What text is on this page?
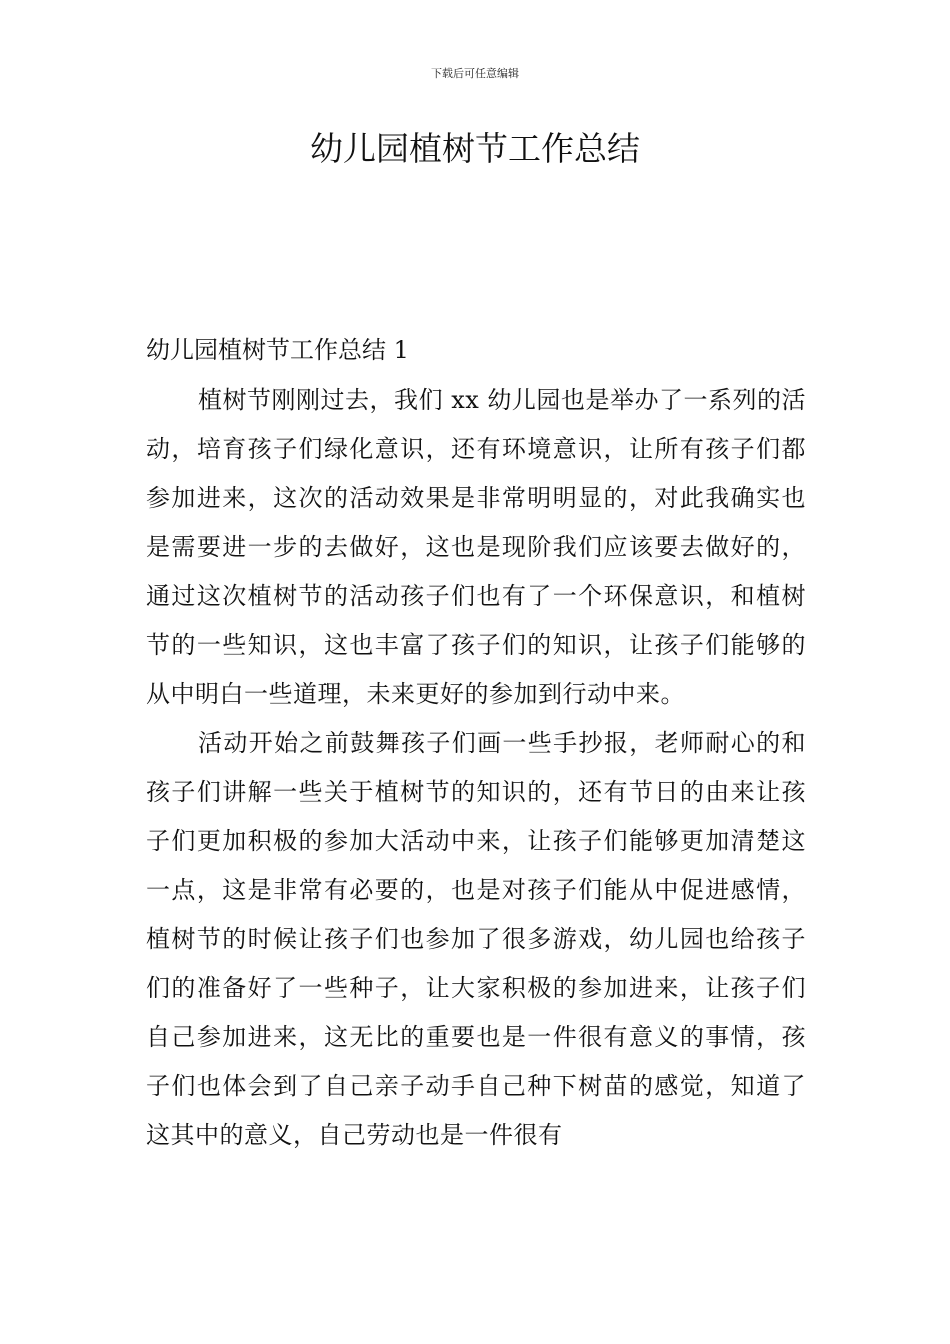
下载后可任意编辑
幼儿园植树节工作总结
幼儿园植树节工作总结 1

植树节刚刚过去，我们 xx 幼儿园也是举办了一系列的活动，培育孩子们绿化意识，还有环境意识，让所有孩子们都参加进来，这次的活动效果是非常明明显的，对此我确实也是需要进一步的去做好，这也是现阶我们应该要去做好的，通过这次植树节的活动孩子们也有了一个环保意识，和植树节的一些知识，这也丰富了孩子们的知识，让孩子们能够的从中明白一些道理，未来更好的参加到行动中来。

活动开始之前鼓舞孩子们画一些手抄报，老师耐心的和孩子们讲解一些关于植树节的知识的，还有节日的由来让孩子们更加积极的参加大活动中来，让孩子们能够更加清楚这一点，这是非常有必要的，也是对孩子们能从中促进感情，植树节的时候让孩子们也参加了很多游戏，幼儿园也给孩子们的准备好了一些种子，让大家积极的参加进来，让孩子们自己参加进来，这无比的重要也是一件很有意义的事情，孩子们也体会到了自己亲子动手自己种下树苗的感觉，知道了这其中的意义，自己劳动也是一件很有
